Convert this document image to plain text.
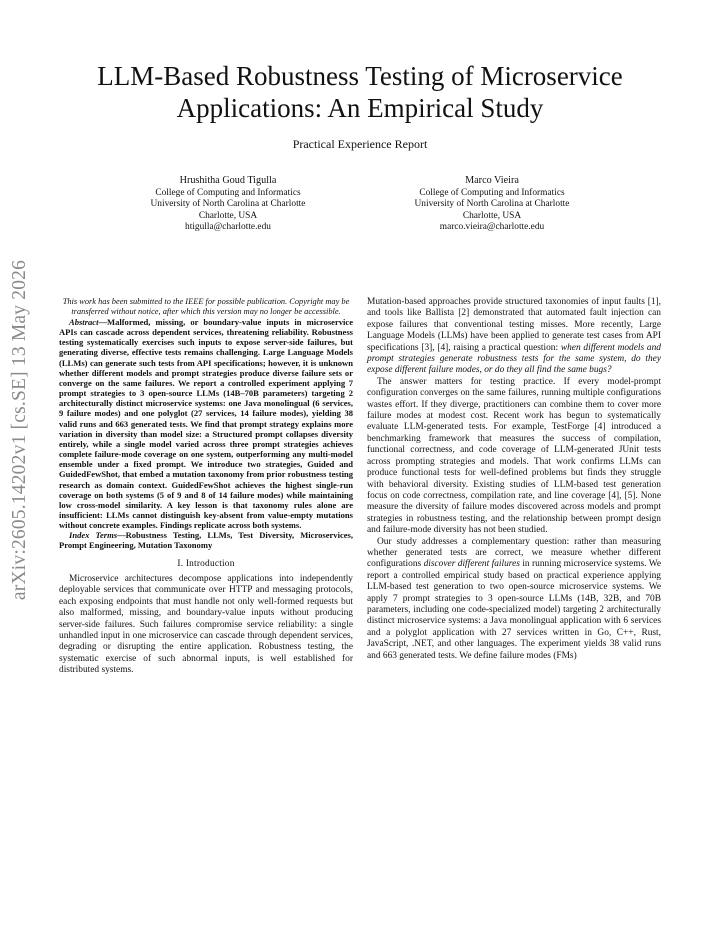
arXiv:2605.14202v1 [cs.SE] 13 May 2026
LLM-Based Robustness Testing of Microservice
Applications: An Empirical Study
Practical Experience Report
Hrushitha Goud Tigulla
College of Computing and Informatics
University of North Carolina at Charlotte
Charlotte, USA
htigulla@charlotte.edu
Marco Vieira
College of Computing and Informatics
University of North Carolina at Charlotte
Charlotte, USA
marco.vieira@charlotte.edu

This work has been submitted to the IEEE for possible publication. Copyright may be transferred without notice, after which this version may no longer be accessible.

Abstract—Malformed, missing, or boundary-value inputs in microservice APIs can cascade across dependent services, threatening reliability. Robustness testing systematically exercises such inputs to expose server-side failures, but generating diverse, effective tests remains challenging. Large Language Models (LLMs) can generate such tests from API specifications; however, it is unknown whether different models and prompt strategies produce diverse failure sets or converge on the same failures. We report a controlled experiment applying 7 prompt strategies to 3 open-source LLMs (14B–70B parameters) targeting 2 architecturally distinct microservice systems: one Java monolingual (6 services, 9 failure modes) and one polyglot (27 services, 14 failure modes), yielding 38 valid runs and 663 generated tests. We find that prompt strategy explains more variation in diversity than model size: a Structured prompt collapses diversity entirely, while a single model varied across three prompt strategies achieves complete failure-mode coverage on one system, outperforming any multi-model ensemble under a fixed prompt. We introduce two strategies, Guided and GuidedFewShot, that embed a mutation taxonomy from prior robustness testing research as domain context. GuidedFewShot achieves the highest single-run coverage on both systems (5 of 9 and 8 of 14 failure modes) while maintaining low cross-model similarity. A key lesson is that taxonomy rules alone are insufficient: LLMs cannot distinguish key-absent from value-empty mutations without concrete examples. Findings replicate across both systems.

Index Terms—Robustness Testing, LLMs, Test Diversity, Microservices, Prompt Engineering, Mutation Taxonomy

I. Introduction

Microservice architectures decompose applications into independently deployable services that communicate over HTTP and messaging protocols, each exposing endpoints that must handle not only well-formed requests but also malformed, missing, and boundary-value inputs without producing server-side failures. Such failures compromise service reliability: a single unhandled input in one microservice can cascade through dependent services, degrading or disrupting the entire application. Robustness testing, the systematic exercise of such abnormal inputs, is well established for distributed systems.

Mutation-based approaches provide structured taxonomies of input faults [1], and tools like Ballista [2] demonstrated that automated fault injection can expose failures that conventional testing misses. More recently, Large Language Models (LLMs) have been applied to generate test cases from API specifications [3], [4], raising a practical question: when different models and prompt strategies generate robustness tests for the same system, do they expose different failure modes, or do they all find the same bugs?

The answer matters for testing practice. If every model-prompt configuration converges on the same failures, running multiple configurations wastes effort. If they diverge, practitioners can combine them to cover more failure modes at modest cost. Recent work has begun to systematically evaluate LLM-generated tests. For example, TestForge [4] introduced a benchmarking framework that measures the success of compilation, functional correctness, and code coverage of LLM-generated JUnit tests across prompting strategies and models. That work confirms LLMs can produce functional tests for well-defined problems but finds they struggle with behavioral diversity. Existing studies of LLM-based test generation focus on code correctness, compilation rate, and line coverage [4], [5]. None measure the diversity of failure modes discovered across models and prompt strategies in robustness testing, and the relationship between prompt design and failure-mode diversity has not been studied.

Our study addresses a complementary question: rather than measuring whether generated tests are correct, we measure whether different configurations discover different failures in running microservice systems. We report a controlled empirical study based on practical experience applying LLM-based test generation to two open-source microservice systems. We apply 7 prompt strategies to 3 open-source LLMs (14B, 32B, and 70B parameters, including one code-specialized model) targeting 2 architecturally distinct microservice systems: a Java monolingual application with 6 services and a polyglot application with 27 services written in Go, C++, Rust, JavaScript, .NET, and other languages. The experiment yields 38 valid runs and 663 generated tests. We define failure modes (FMs)
